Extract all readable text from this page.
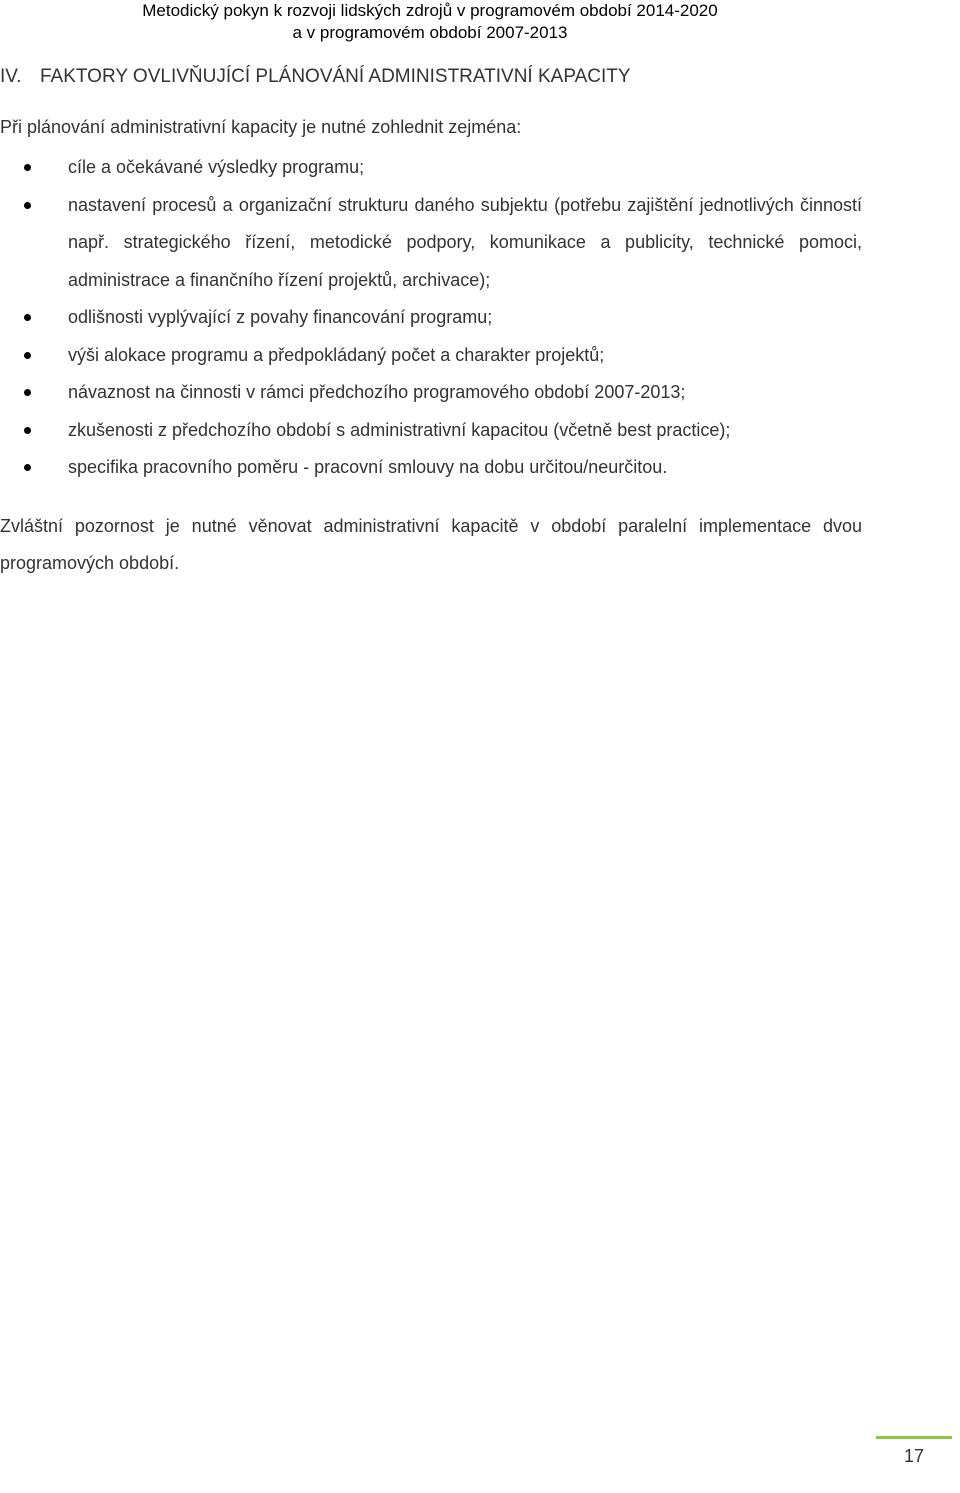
Metodický pokyn k rozvoji lidských zdrojů v programovém období 2014-2020
a v programovém období 2007-2013
IV. FAKTORY OVLIVŇUJÍCÍ PLÁNOVÁNÍ ADMINISTRATIVNÍ KAPACITY
Při plánování administrativní kapacity je nutné zohlednit zejména:
cíle a očekávané výsledky programu;
nastavení procesů a organizační strukturu daného subjektu (potřebu zajištění jednotlivých činností např. strategického řízení, metodické podpory, komunikace a publicity, technické pomoci, administrace a finančního řízení projektů, archivace);
odlišnosti vyplývající z povahy financování programu;
výši alokace programu a předpokládaný počet a charakter projektů;
návaznost na činnosti v rámci předchozího programového období 2007-2013;
zkušenosti z předchozího období s administrativní kapacitou (včetně best practice);
specifika pracovního poměru - pracovní smlouvy na dobu určitou/neurčitou.
Zvláštní pozornost je nutné věnovat administrativní kapacitě v období paralelní implementace dvou programových období.
17
